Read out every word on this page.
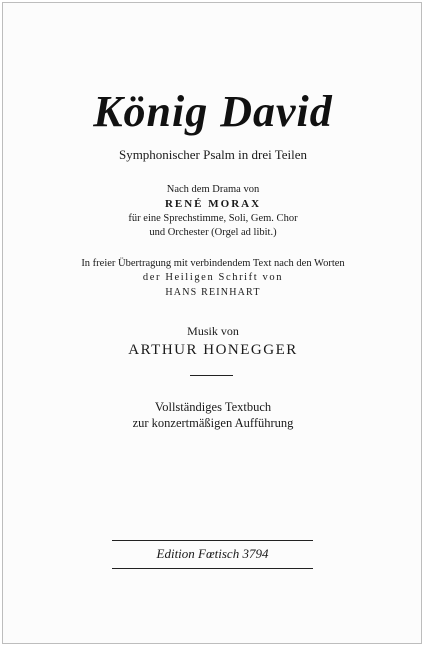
König David
Symphonischer Psalm in drei Teilen
Nach dem Drama von
RENÉ MORAX
für eine Sprechstimme, Soli, Gem. Chor
und Orchester (Orgel ad libit.)
In freier Übertragung mit verbindendem Text nach den Worten
der Heiligen Schrift von
HANS REINHART
Musik von
ARTHUR HONEGGER
Vollständiges Textbuch
zur konzertmäßigen Aufführung
Edition Fœtisch 3794
